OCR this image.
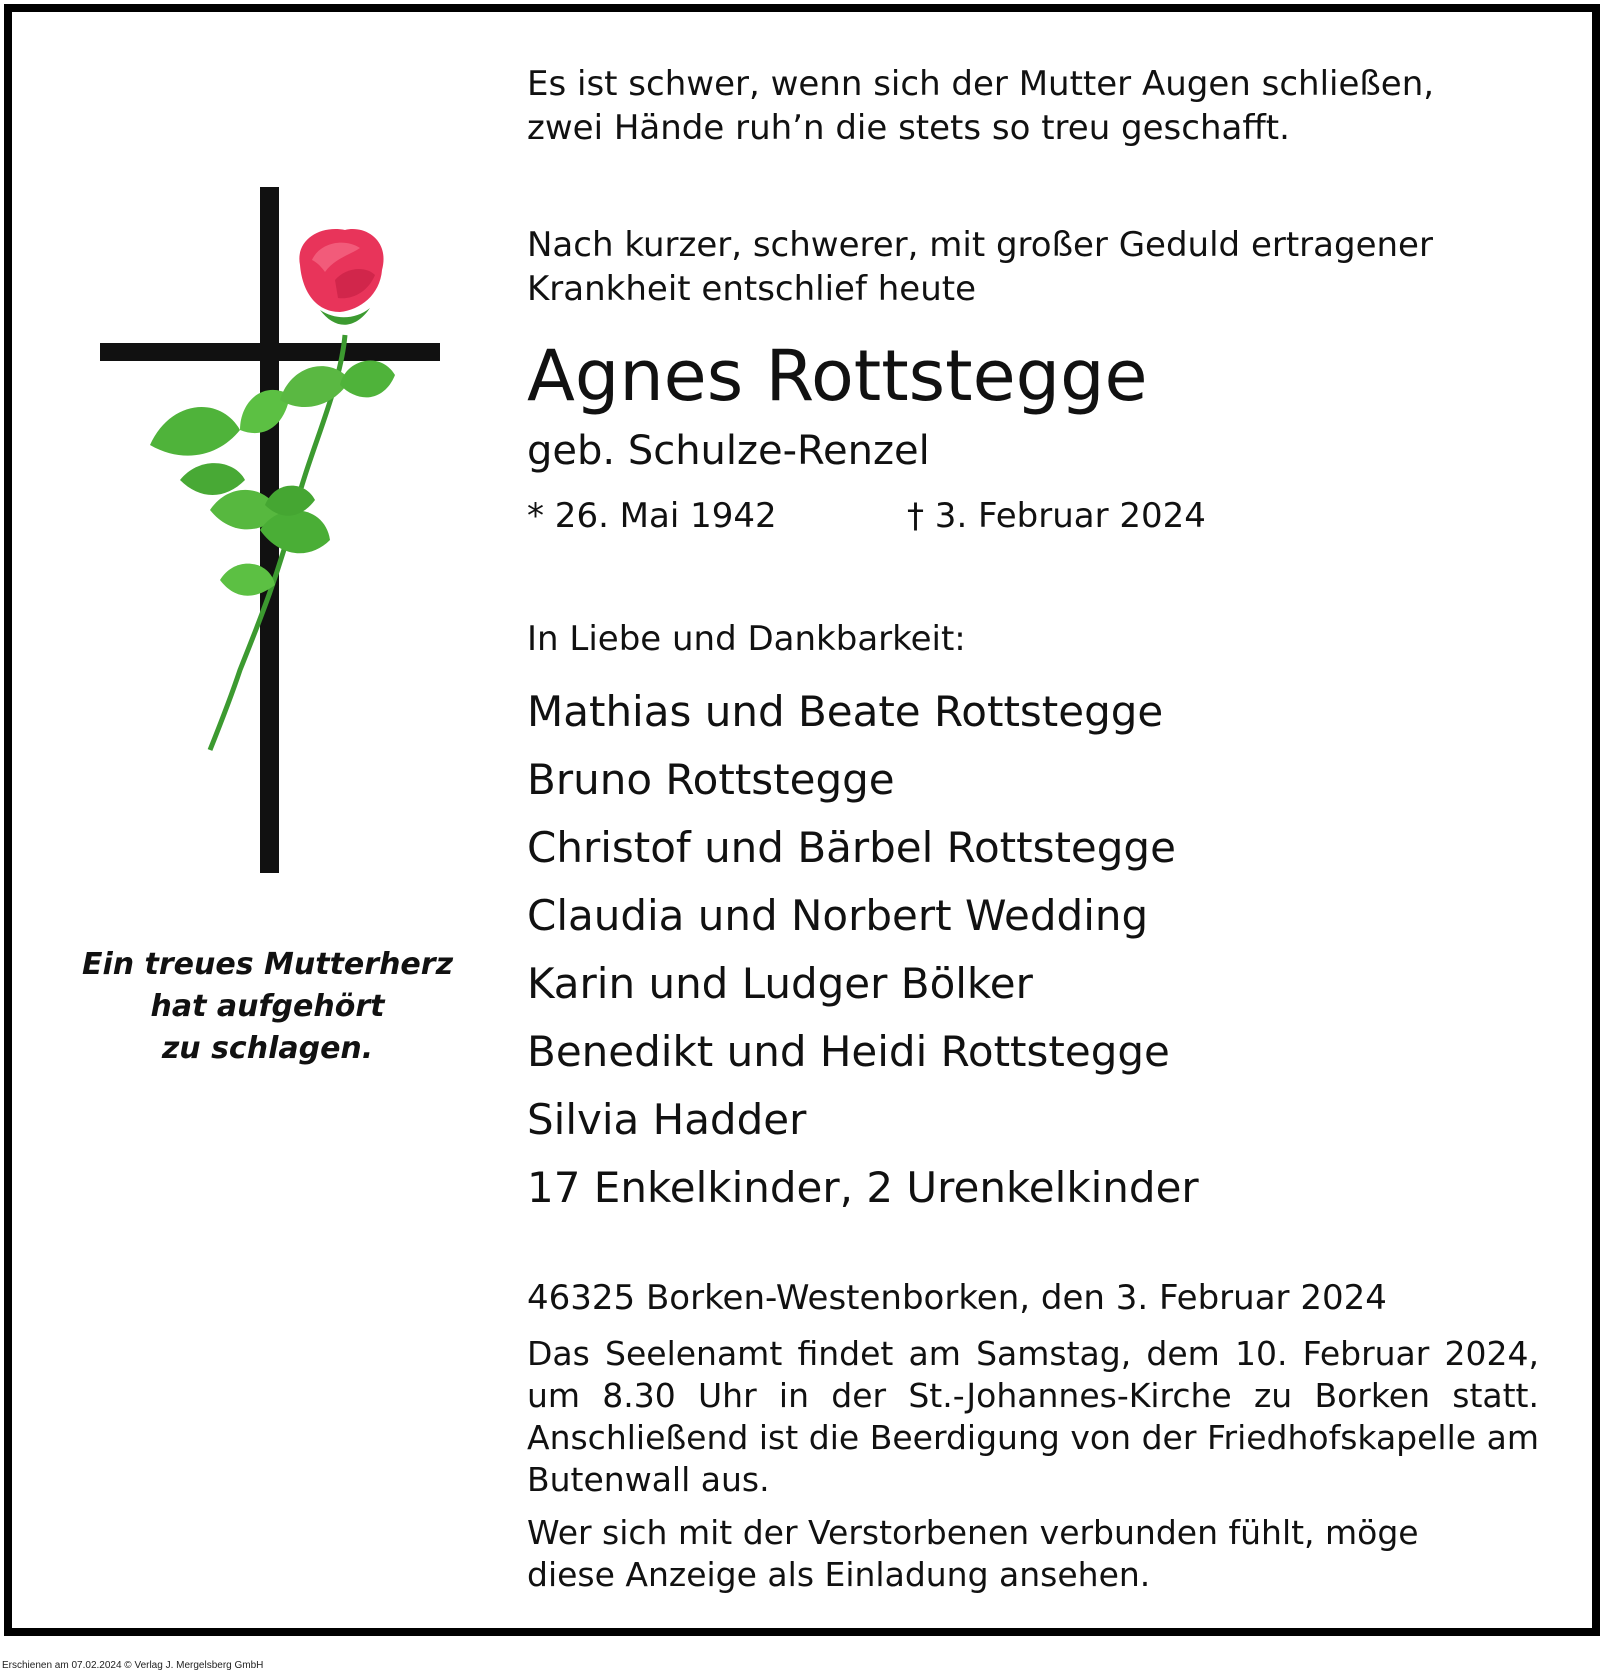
Ein treues Mutterherz
hat aufgehört
zu schlagen.
Es ist schwer, wenn sich der Mutter Augen schließen,
zwei Hände ruh’n die stets so treu geschafft.
Nach kurzer, schwerer, mit großer Geduld ertragener
Krankheit entschlief heute
Agnes Rottstegge
geb. Schulze-Renzel
* 26. Mai 1942	† 3. Februar 2024
In Liebe und Dankbarkeit:
Mathias und Beate Rottstegge
Bruno Rottstegge
Christof und Bärbel Rottstegge
Claudia und Norbert Wedding
Karin und Ludger Bölker
Benedikt und Heidi Rottstegge
Silvia Hadder
17 Enkelkinder, 2 Urenkelkinder
46325 Borken-Westenborken, den 3. Februar 2024
Das Seelenamt findet am Samstag, dem 10. Februar 2024, um 8.30 Uhr in der St.-Johannes-Kirche zu Borken statt. Anschließend ist die Beerdigung von der Friedhofskapelle am Butenwall aus.
Wer sich mit der Verstorbenen verbunden fühlt, möge
diese Anzeige als Einladung ansehen.
Erschienen am 07.02.2024 © Verlag J. Mergelsberg GmbH
